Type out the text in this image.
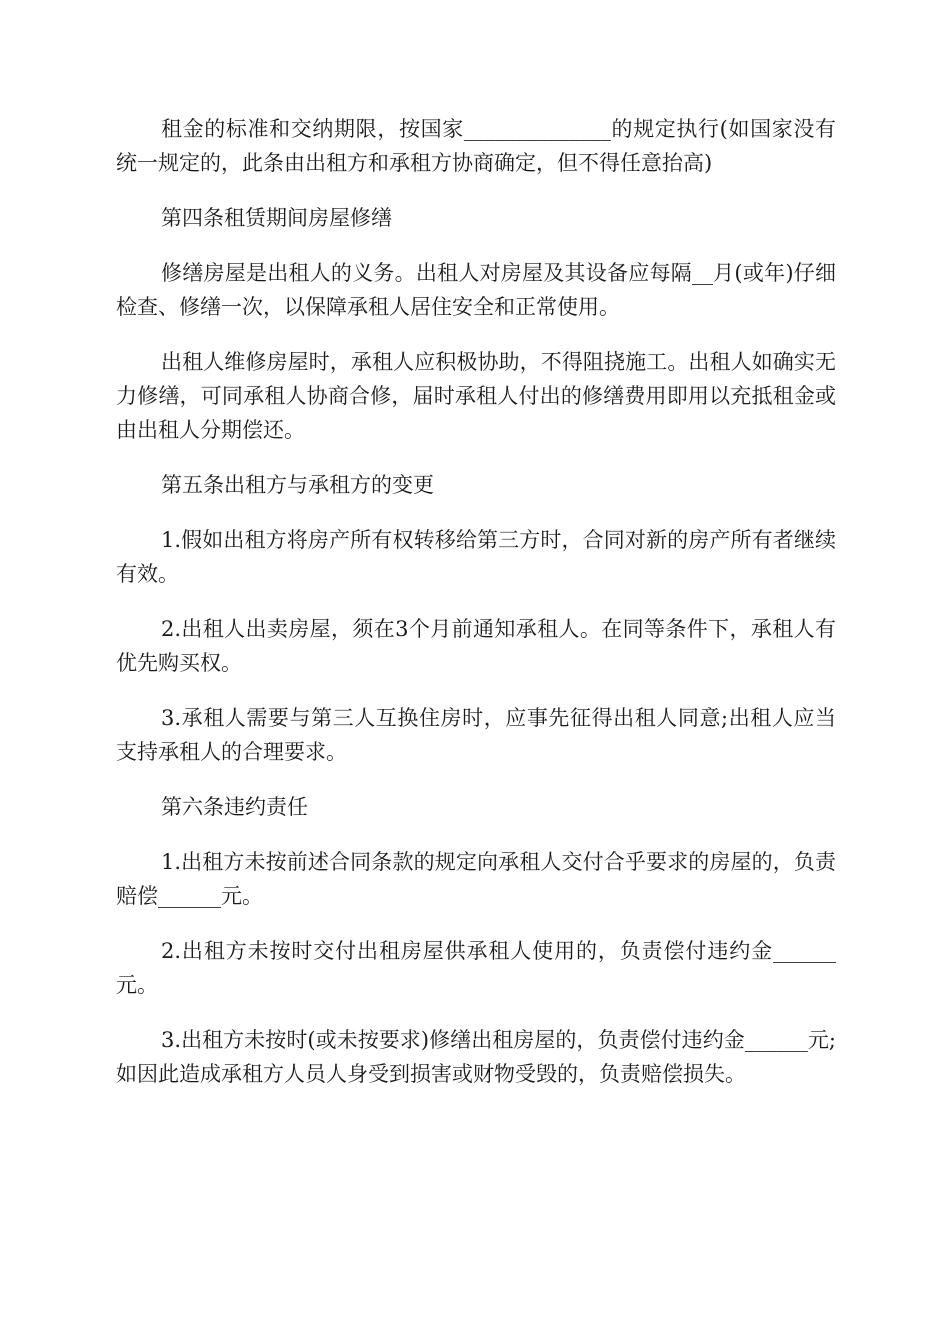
租金的标准和交纳期限，按国家______________的规定执行(如国家没有统一规定的，此条由出租方和承租方协商确定，但不得任意抬高)

第四条租赁期间房屋修缮

修缮房屋是出租人的义务。出租人对房屋及其设备应每隔__月(或年)仔细检查、修缮一次，以保障承租人居住安全和正常使用。

出租人维修房屋时，承租人应积极协助，不得阻挠施工。出租人如确实无力修缮，可同承租人协商合修，届时承租人付出的修缮费用即用以充抵租金或由出租人分期偿还。

第五条出租方与承租方的变更

1.假如出租方将房产所有权转移给第三方时，合同对新的房产所有者继续有效。

2.出租人出卖房屋，须在3个月前通知承租人。在同等条件下，承租人有优先购买权。

3.承租人需要与第三人互换住房时，应事先征得出租人同意;出租人应当支持承租人的合理要求。

第六条违约责任

1.出租方未按前述合同条款的规定向承租人交付合乎要求的房屋的，负责赔偿______元。

2.出租方未按时交付出租房屋供承租人使用的，负责偿付违约金______元。

3.出租方未按时(或未按要求)修缮出租房屋的，负责偿付违约金______元;如因此造成承租方人员人身受到损害或财物受毁的，负责赔偿损失。
